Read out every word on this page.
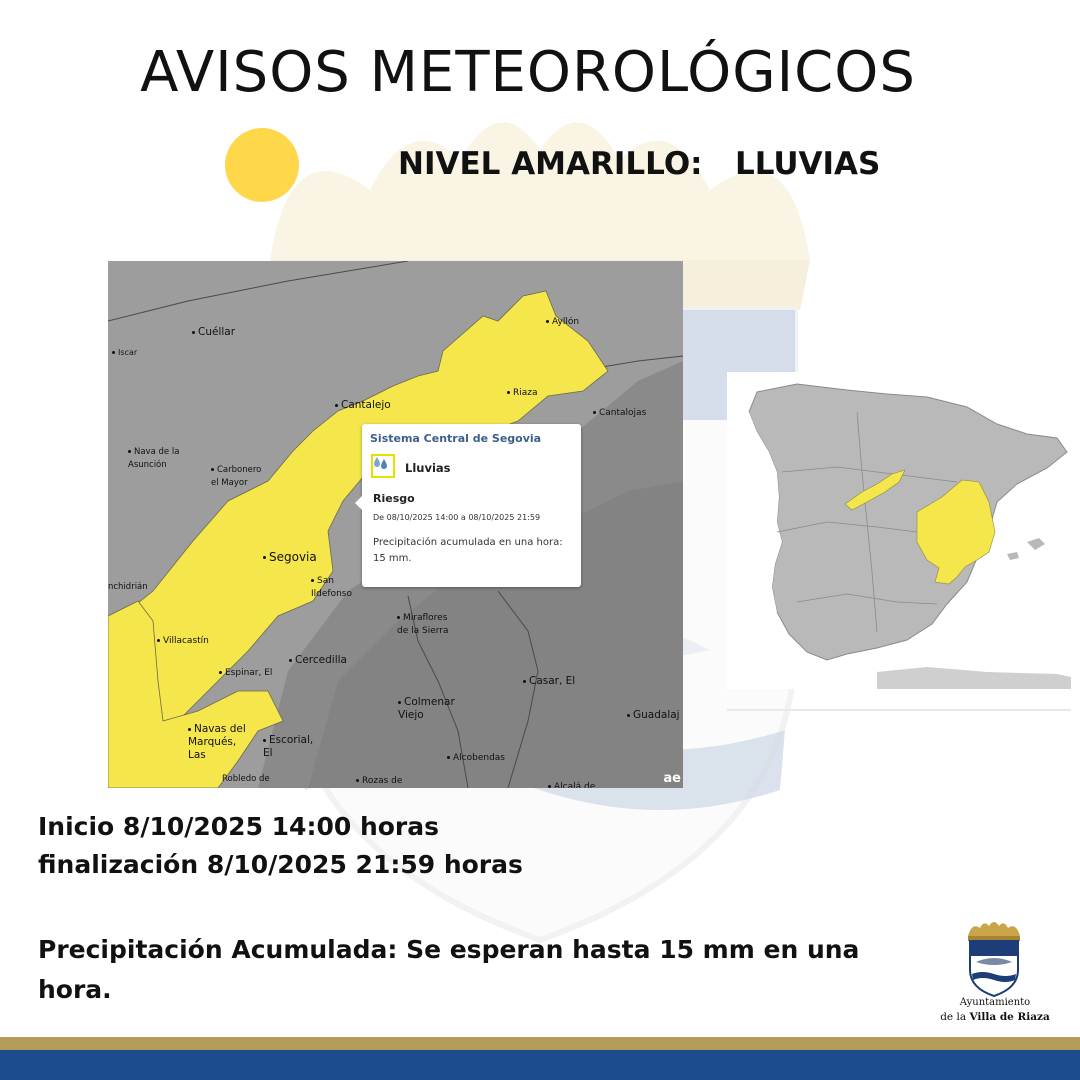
AVISOS METEOROLÓGICOS
NIVEL AMARILLO:   LLUVIAS
Cuéllar
Iscar
Ayllón
Riaza
Cantalejo
Cantalojas
Nava de la
Asunción	Carbonero
el Mayor
Segovia
San
Ildefonso
nchidrián
Villacastín
Espinar, El
Cercedilla
Miraflores
de la Sierra
Casar, El
Colmenar
Viejo	Guadalaj
Navas del
Marqués,
Las
Escorial,
El	Alcobendas
Robledo de	Rozas de
Alcalá de
Sistema Central de Segovia
Lluvias
Riesgo
De 08/10/2025 14:00 a 08/10/2025 21:59
Precipitación acumulada en una hora: 15 mm.
ae
Inicio 8/10/2025 14:00 horas
finalización 8/10/2025 21:59 horas
Precipitación Acumulada: Se esperan hasta 15 mm en una hora.	Ayuntamiento
de la Villa de Riaza
